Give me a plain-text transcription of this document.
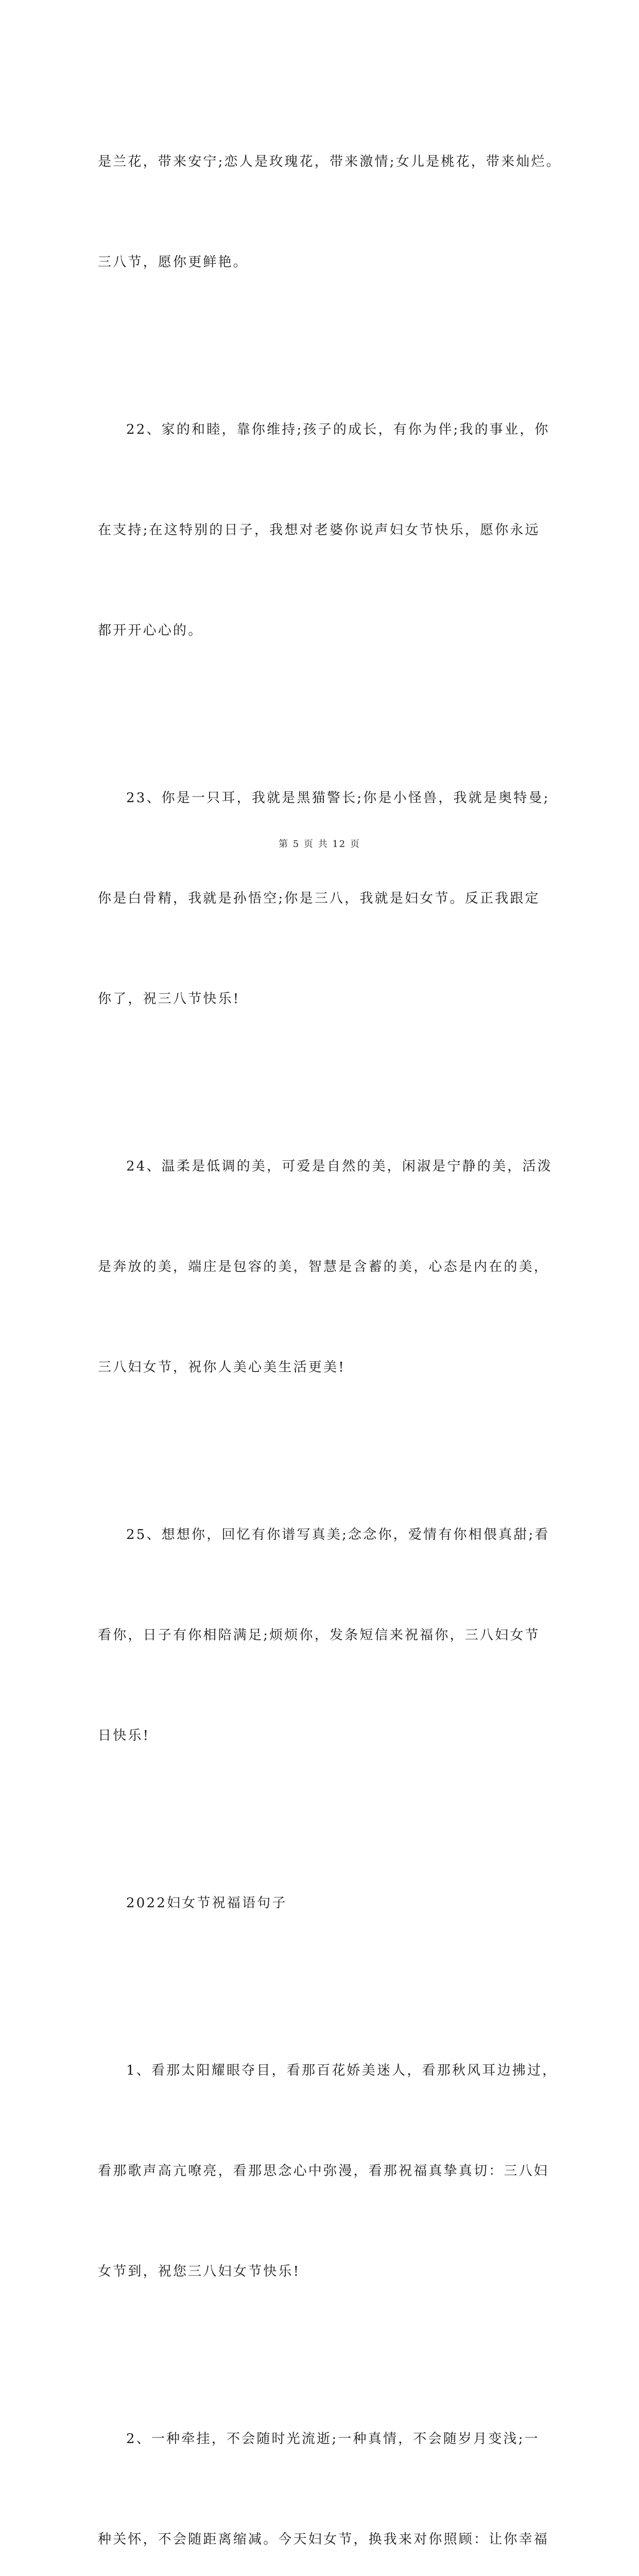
是兰花，带来安宁;恋人是玫瑰花，带来激情;女儿是桃花，带来灿烂。

三八节，愿你更鲜艳。

22、家的和睦，靠你维持;孩子的成长，有你为伴;我的事业，你

在支持;在这特别的日子，我想对老婆你说声妇女节快乐，愿你永远

都开开心心的。

23、你是一只耳，我就是黑猫警长;你是小怪兽，我就是奥特曼;

你是白骨精，我就是孙悟空;你是三八，我就是妇女节。反正我跟定

你了，祝三八节快乐!

24、温柔是低调的美，可爱是自然的美，闲淑是宁静的美，活泼

是奔放的美，端庄是包容的美，智慧是含蓄的美，心态是内在的美，

三八妇女节，祝你人美心美生活更美!

25、想想你，回忆有你谱写真美;念念你，爱情有你相偎真甜;看

看你，日子有你相陪满足;烦烦你，发条短信来祝福你，三八妇女节

日快乐!

2022妇女节祝福语句子

1、看那太阳耀眼夺目，看那百花娇美迷人，看那秋风耳边拂过，

看那歌声高亢嘹亮，看那思念心中弥漫，看那祝福真挚真切：三八妇

女节到，祝您三八妇女节快乐!

2、一种牵挂，不会随时光流逝;一种真情，不会随岁月变浅;一

种关怀，不会随距离缩减。今天妇女节，换我来对你照顾：让你幸福

第 5 页 共 12 页
